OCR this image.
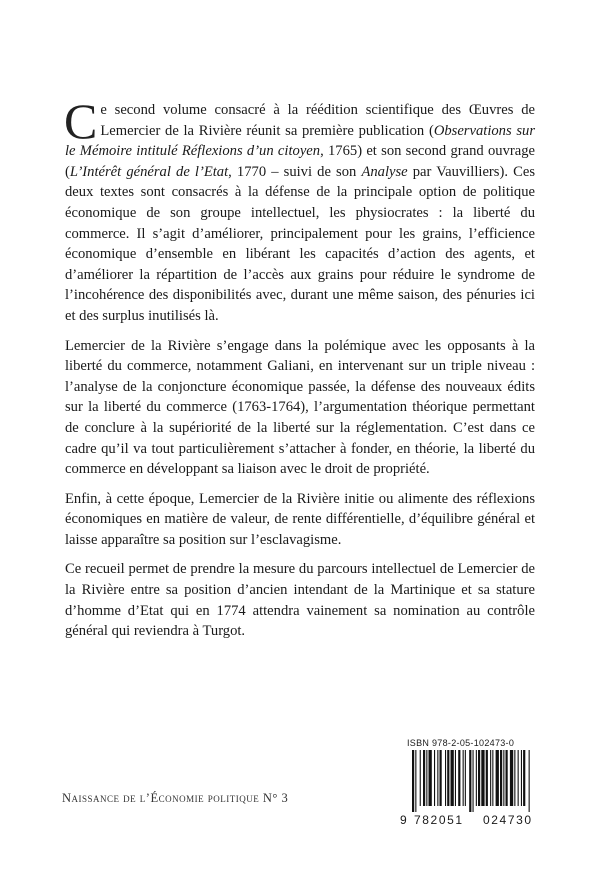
Ce second volume consacré à la réédition scientifique des Œuvres de Lemercier de la Rivière réunit sa première publication (Observations sur le Mémoire intitulé Réflexions d’un citoyen, 1765) et son second grand ouvrage (L’Intérêt général de l’Etat, 1770 – suivi de son Analyse par Vauvilliers). Ces deux textes sont consacrés à la défense de la principale option de politique économique de son groupe intellectuel, les physiocrates : la liberté du commerce. Il s’agit d’améliorer, principalement pour les grains, l’efficience économique d’ensemble en libérant les capacités d’action des agents, et d’améliorer la répartition de l’accès aux grains pour réduire le syndrome de l’incohérence des disponibilités avec, durant une même saison, des pénuries ici et des surplus inutilisés là.

Lemercier de la Rivière s’engage dans la polémique avec les opposants à la liberté du commerce, notamment Galiani, en intervenant sur un triple niveau : l’analyse de la conjoncture économique passée, la défense des nouveaux édits sur la liberté du commerce (1763-1764), l’argumentation théorique permettant de conclure à la supériorité de la liberté sur la réglementation. C’est dans ce cadre qu’il va tout particulièrement s’attacher à fonder, en théorie, la liberté du commerce en développant sa liaison avec le droit de propriété.

Enfin, à cette époque, Lemercier de la Rivière initie ou alimente des réflexions économiques en matière de valeur, de rente différentielle, d’équilibre général et laisse apparaître sa position sur l’esclavagisme.

Ce recueil permet de prendre la mesure du parcours intellectuel de Lemercier de la Rivière entre sa position d’ancien intendant de la Martinique et sa stature d’homme d’Etat qui en 1774 attendra vainement sa nomination au contrôle général qui reviendra à Turgot.

Naissance de l’Économie politique N° 3
ISBN 978-2-05-102473-0
9 782051 024730
